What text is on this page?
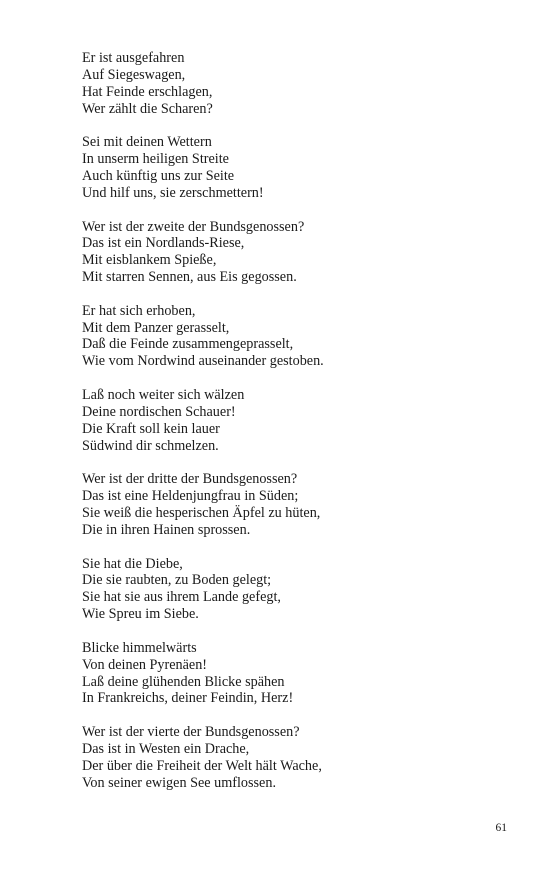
Er ist ausgefahren
Auf Siegeswagen,
Hat Feinde erschlagen,
Wer zählt die Scharen?
Sei mit deinen Wettern
In unserm heiligen Streite
Auch künftig uns zur Seite
Und hilf uns, sie zerschmettern!
Wer ist der zweite der Bundsgenossen?
Das ist ein Nordlands-Riese,
Mit eisblankem Spieße,
Mit starren Sennen, aus Eis gegossen.
Er hat sich erhoben,
Mit dem Panzer gerasselt,
Daß die Feinde zusammengeprasselt,
Wie vom Nordwind auseinander gestoben.
Laß noch weiter sich wälzen
Deine nordischen Schauer!
Die Kraft soll kein lauer
Südwind dir schmelzen.
Wer ist der dritte der Bundsgenossen?
Das ist eine Heldenjungfrau in Süden;
Sie weiß die hesperischen Äpfel zu hüten,
Die in ihren Hainen sprossen.
Sie hat die Diebe,
Die sie raubten, zu Boden gelegt;
Sie hat sie aus ihrem Lande gefegt,
Wie Spreu im Siebe.
Blicke himmelwärts
Von deinen Pyrenäen!
Laß deine glühenden Blicke spähen
In Frankreichs, deiner Feindin, Herz!
Wer ist der vierte der Bundsgenossen?
Das ist in Westen ein Drache,
Der über die Freiheit der Welt hält Wache,
Von seiner ewigen See umflossen.
61
